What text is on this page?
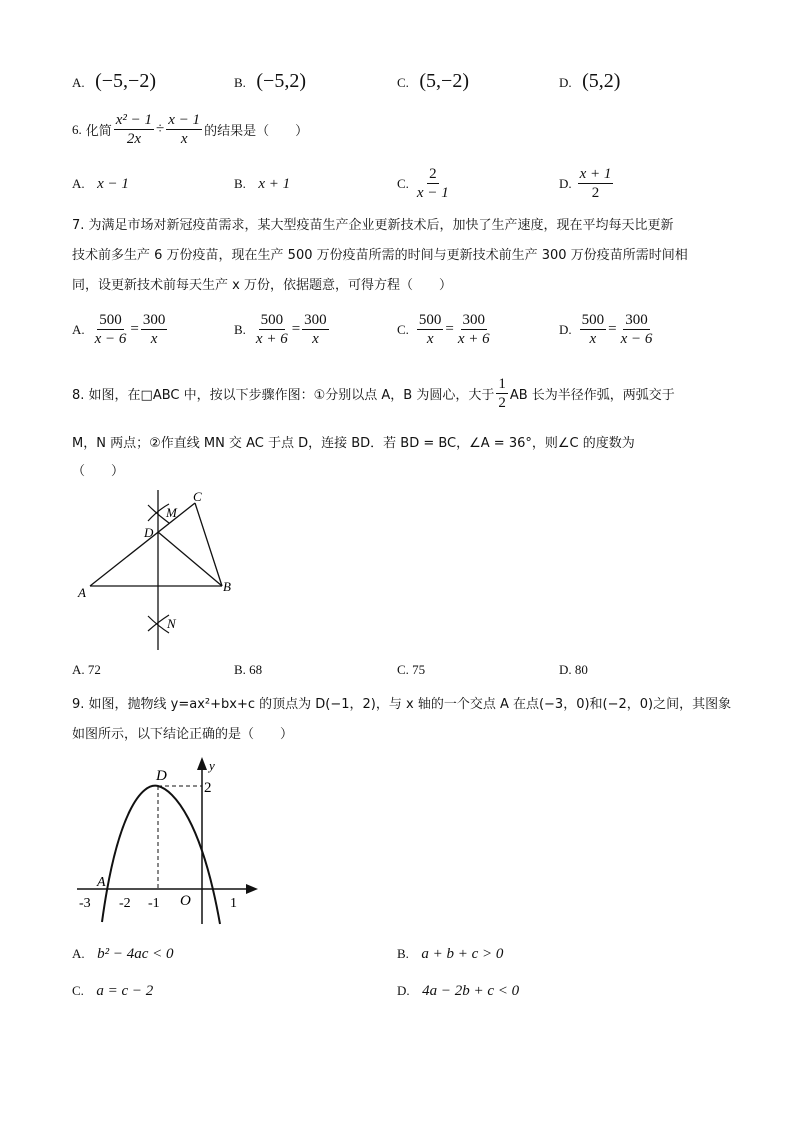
A. (−5,−2)	B. (−5,2)	C. (5,−2)	D. (5,2)
6. 化简 $\frac{\text{x² − 1}}{2x} \div \frac{x - 1}{x}$ 的结果是（　　）
A. x − 1	B. x + 1	C. $\frac{2}{x - 1}$	D. $\frac{x + 1}{2}$
7. 为满足市场对新冠疫苗需求，某大型疫苗生产企业更新技术后，加快了生产速度，现在平均每天比更新
技术前多生产 6 万份疫苗，现在生产 500 万份疫苗所需的时间与更新技术前生产 300 万份疫苗所需时间相
同，设更新技术前每天生产 x 万份，依据题意，可得方程（　　）
A. $\frac{500}{x - 6} = \frac{300}{x}$	B. $\frac{500}{x + 6} = \frac{300}{x}$	C. $\frac{500}{x} = \frac{300}{x + 6}$	D. $\frac{500}{x} = \frac{300}{x - 6}$
8. 如图，在□ABC 中，按以下步骤作图：①分别以点 A，B 为圆心，大于 $\frac{1}{2}$ AB 长为半径作弧，两弧交于
M，N 两点；②作直线 MN 交 AC 于点 D，连接 BD．若 BD = BC，∠A = 36°，则∠C 的度数为
（　　）
A	B
C
D
M
N
A. 72	B. 68	C. 75	D. 80
9. 如图，抛物线 y=ax²+bx+c 的顶点为 D(−1，2)，与 x 轴的一个交点 A 在点(−3，0)和(−2，0)之间，其图象
如图所示，以下结论正确的是（　　）
y
D
2
A
O
-3 -2 -1	1
A. b² − 4ac < 0	B. a + b + c > 0
C. a = c − 2	D. 4a − 2b + c < 0
